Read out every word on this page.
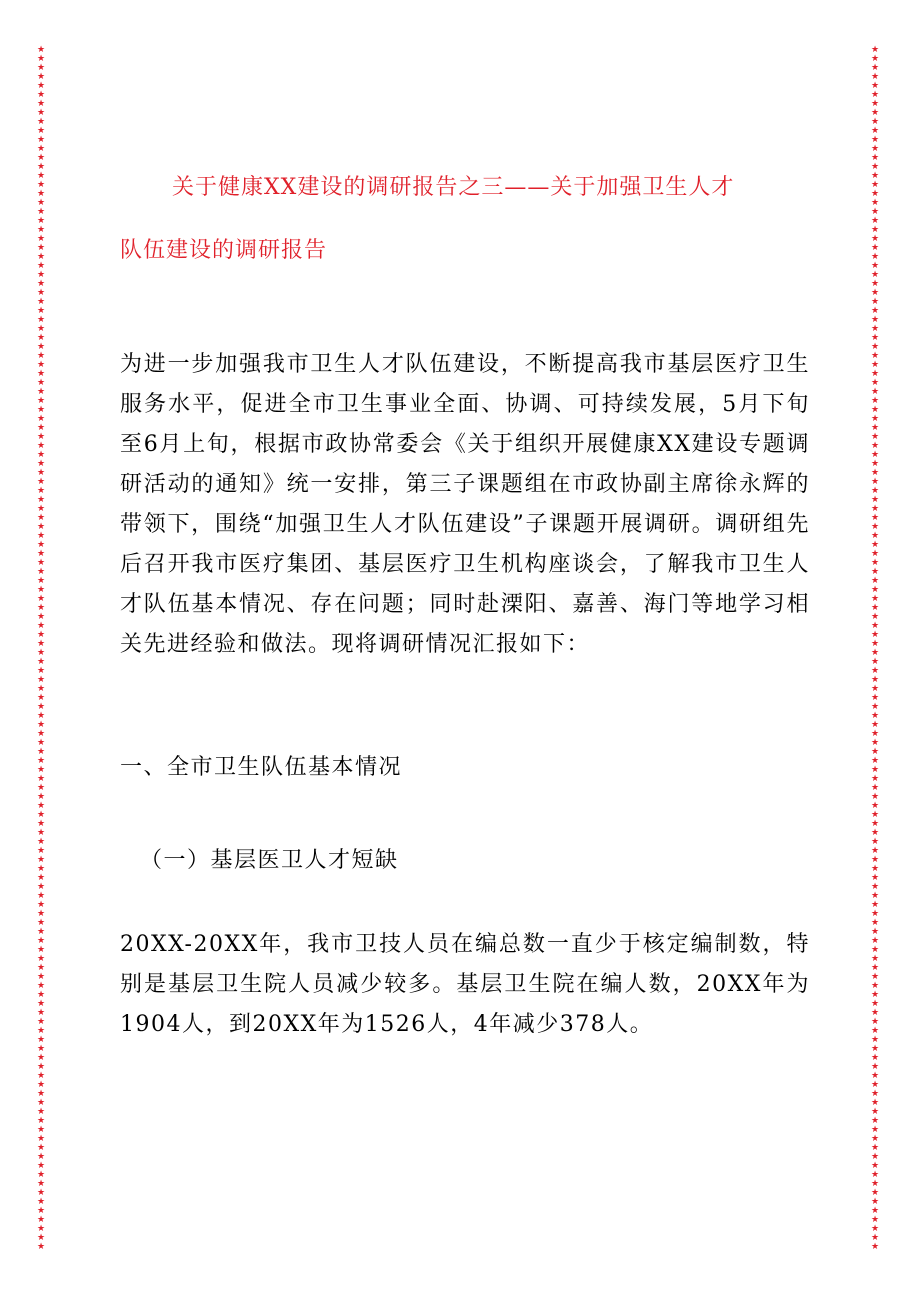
★
★
★
★
★
★
★
★
★
★
★
★
★
★
★
★
★
★
★
★
★
★
★
★
★
★
★
★
★
★
★
★
★
★
★
★
★
★
★
★
★
★
★
★
★
★
★
★
★
★
★
★
★
★
★
★
★
★
★
★
★
★
★
★
★
★
★
★
★
★
★
★
★
★
★
★
★
★
★
★
★
★
★
★
★
★
★
★
★
★
★
★
★
★
★
★
★
★
★
★
★
★
★
★
★
★
★
★
★
★
★
★
★
★
★
★
★
★
★
★
★
★
★
★
★
★
★
★
★
★
★
★
★
★
★
★
★
★
★
★
★
★
★
★
★
★
★
★
★
★
★
★
★
★
★
★
★
★
★
★
★
★
★
★
★
★
★
★
★
★
★
★
★
★
★
★
★
★
★
★
★
★
★
★
★
★
★
★
★
★
★
★
★
★
★
★
★
★
★
★
★
★
★
★
★
★
★
★
★
★
★
★
★
★
★
★
★
★
★
★
★
★
★
★
★
★
★
★
★
★
★
★
★
★
★
★
★
★
★
★
★
★
★
★
★
★
★
★
★
★
★
★
★
★
★
★
★
★
★
★
★
★
★
★
★
★
★
★
关于健康XX建设的调研报告之三——关于加强卫生人才
队伍建设的调研报告

为进一步加强我市卫生人才队伍建设，不断提高我市基层医疗卫生服务水平，促进全市卫生事业全面、协调、可持续发展，5月下旬至6月上旬，根据市政协常委会《关于组织开展健康XX建设专题调研活动的通知》统一安排，第三子课题组在市政协副主席徐永辉的带领下，围绕“加强卫生人才队伍建设”子课题开展调研。调研组先后召开我市医疗集团、基层医疗卫生机构座谈会，了解我市卫生人才队伍基本情况、存在问题；同时赴溧阳、嘉善、海门等地学习相关先进经验和做法。现将调研情况汇报如下：

一、全市卫生队伍基本情况
（一）基层医卫人才短缺

20XX-20XX年，我市卫技人员在编总数一直少于核定编制数，特别是基层卫生院人员减少较多。基层卫生院在编人数，20XX年为1904人，到20XX年为1526人，4年减少378人。
